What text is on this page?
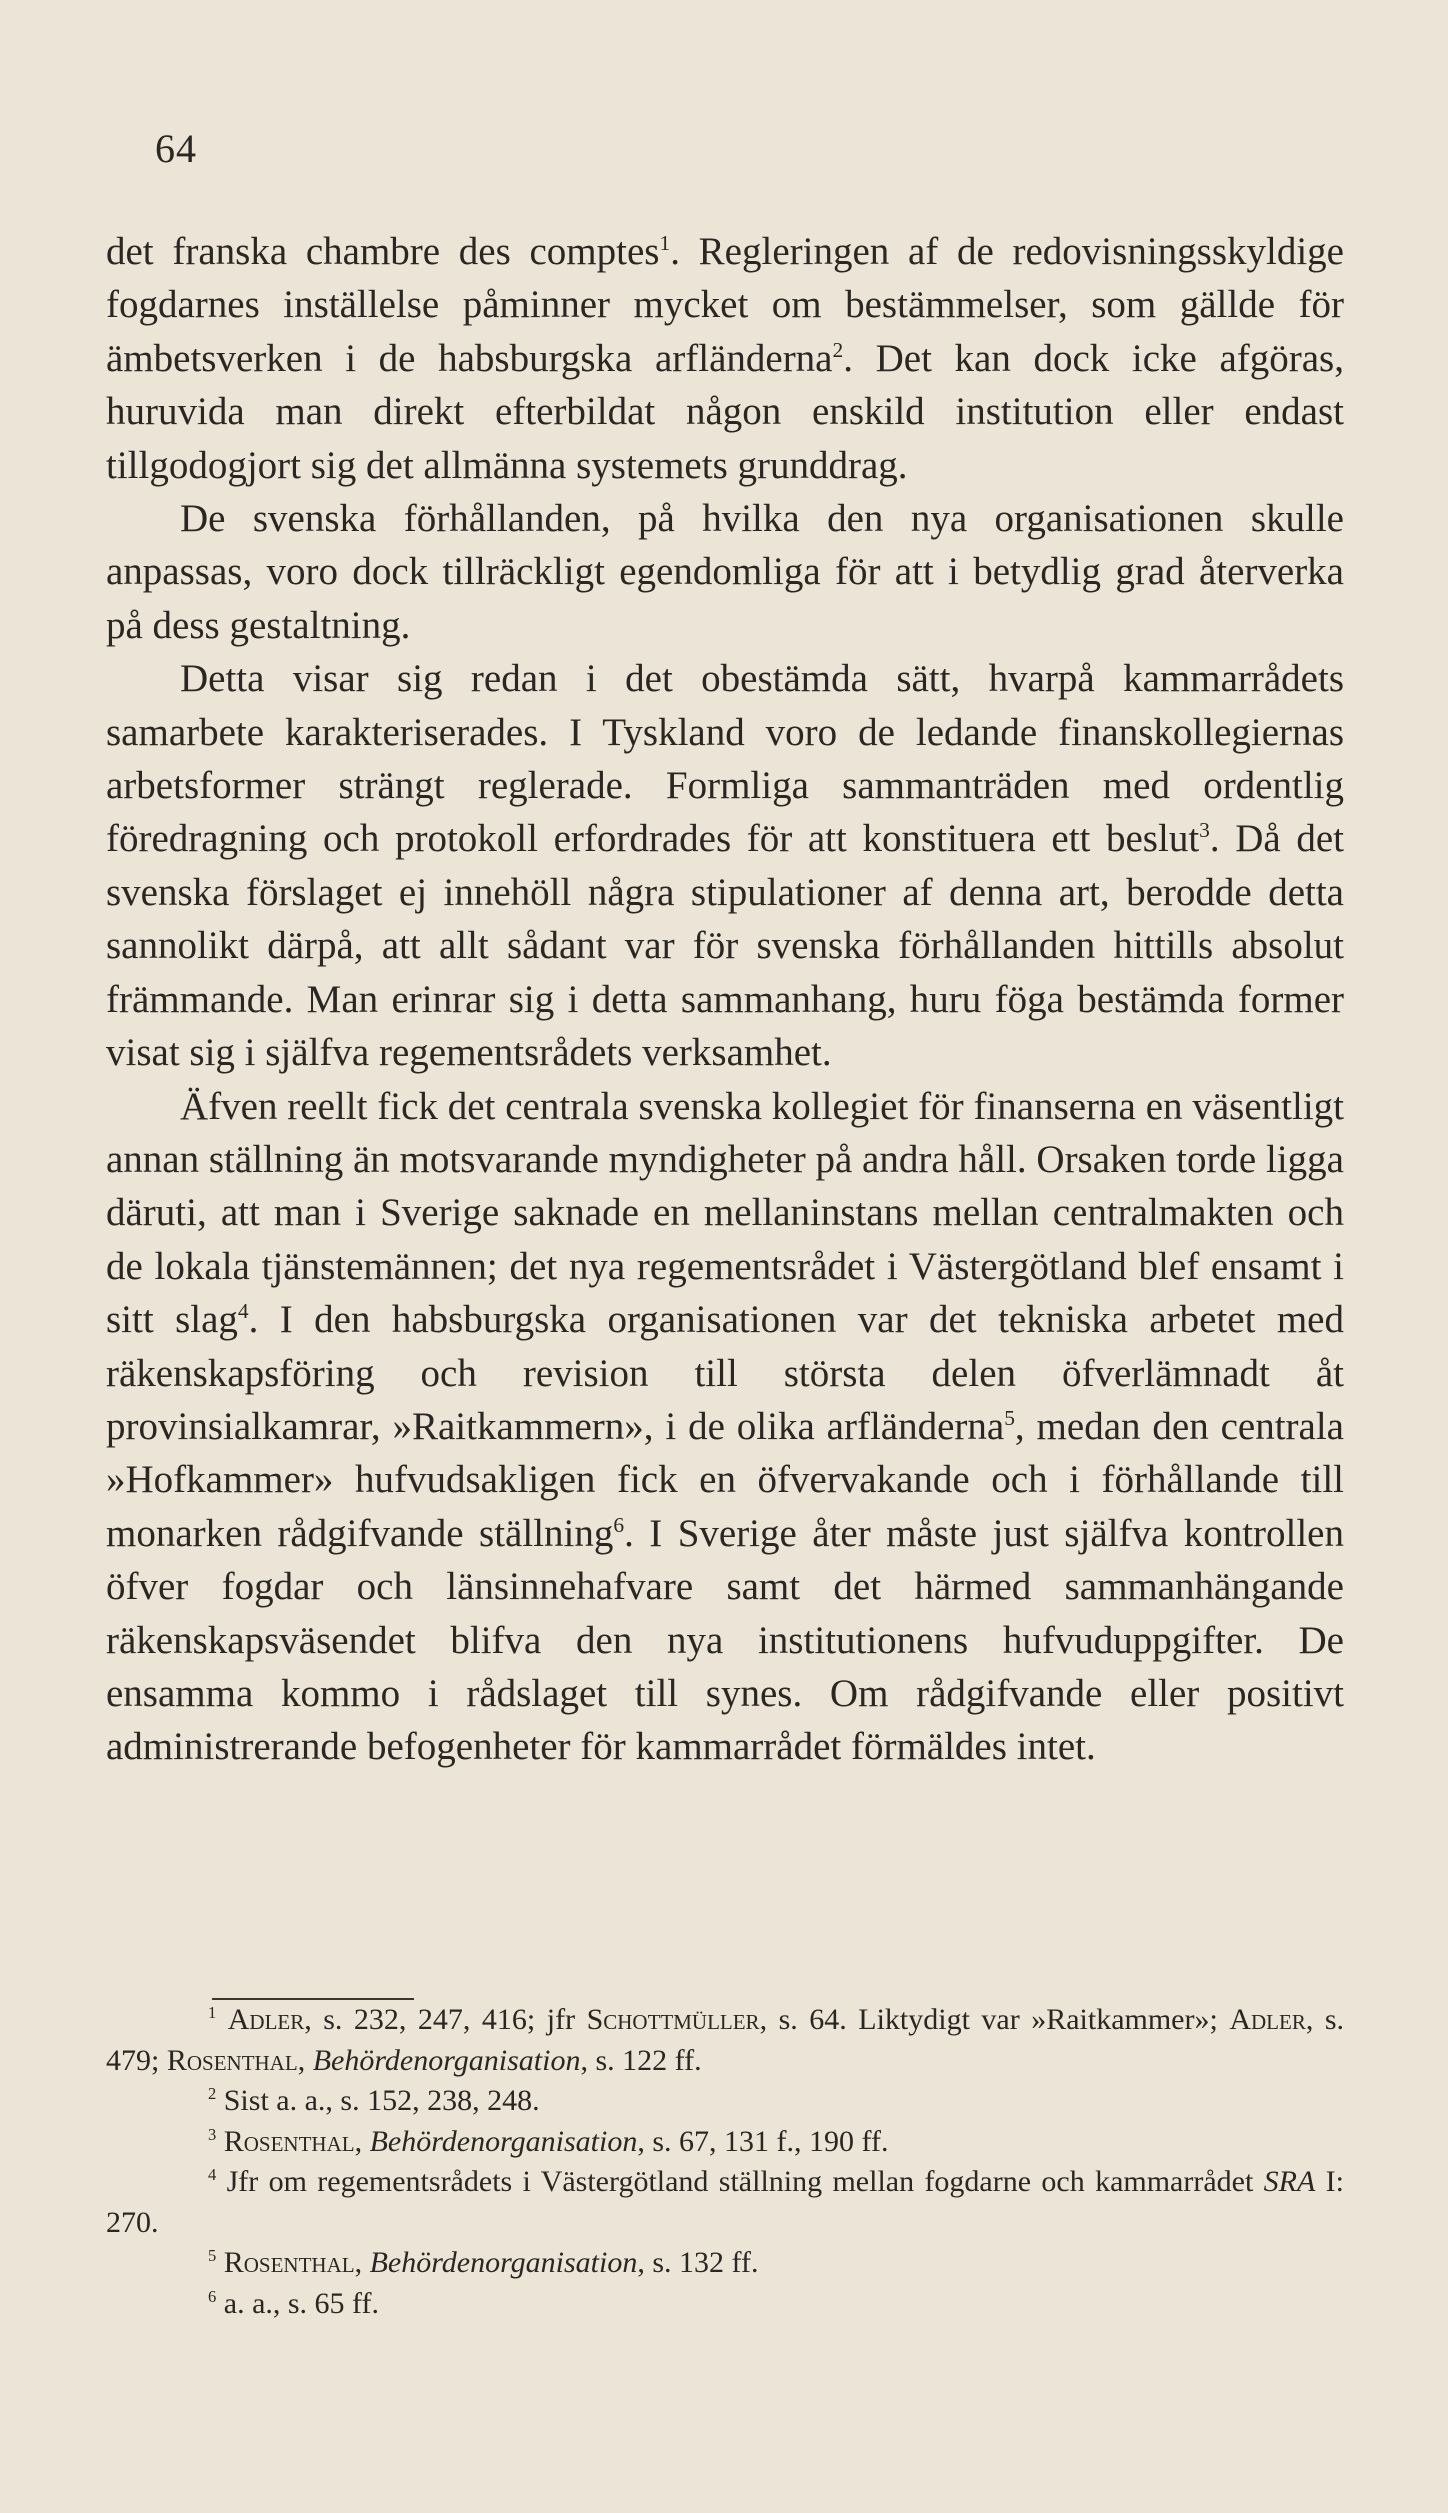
64

det franska chambre des comptes$^1$. Regleringen af de redovisningsskyldige fogdarnes inställelse påminner mycket om bestämmelser, som gällde för ämbetsverken i de habsburgska arfländerna$^2$. Det kan dock icke afgöras, huruvida man direkt efterbildat någon enskild institution eller endast tillgodogjort sig det allmänna systemets grunddrag.

De svenska förhållanden, på hvilka den nya organisationen skulle anpassas, voro dock tillräckligt egendomliga för att i betydlig grad återverka på dess gestaltning.

Detta visar sig redan i det obestämda sätt, hvarpå kammarrådets samarbete karakteriserades. I Tyskland voro de ledande finanskollegiernas arbetsformer strängt reglerade. Formliga sammanträden med ordentlig föredragning och protokoll erfordrades för att konstituera ett beslut$^3$. Då det svenska förslaget ej innehöll några stipulationer af denna art, berodde detta sannolikt därpå, att allt sådant var för svenska förhållanden hittills absolut främmande. Man erinrar sig i detta sammanhang, huru föga bestämda former visat sig i själfva regementsrådets verksamhet.

Äfven reellt fick det centrala svenska kollegiet för finanserna en väsentligt annan ställning än motsvarande myndigheter på andra håll. Orsaken torde ligga däruti, att man i Sverige saknade en mellaninstans mellan centralmakten och de lokala tjänstemännen; det nya regementsrådet i Västergötland blef ensamt i sitt slag$^4$. I den habsburgska organisationen var det tekniska arbetet med räkenskapsföring och revision till största delen öfverlämnadt åt provinsialkamrar, »Raitkammern», i de olika arfländerna$^5$, medan den centrala »Hofkammer» hufvudsakligen fick en öfvervakande och i förhållande till monarken rådgifvande ställning$^6$. I Sverige åter måste just själfva kontrollen öfver fogdar och länsinnehafvare samt det härmed sammanhängande räkenskapsväsendet blifva den nya institutionens hufvuduppgifter. De ensamma kommo i rådslaget till synes. Om rådgifvande eller positivt administrerande befogenheter för kammarrådet förmäldes intet.

$^1$ Adler, s. 232, 247, 416; jfr Schottmüller, s. 64. Liktydigt var »Raitkammer»; Adler, s. 479; Rosenthal, Behördenorganisation, s. 122 ff.

$^2$ Sist a. a., s. 152, 238, 248.

$^3$ Rosenthal, Behördenorganisation, s. 67, 131 f., 190 ff.

$^4$ Jfr om regementsrådets i Västergötland ställning mellan fogdarne och kammarrådet SRA I: 270.

$^5$ Rosenthal, Behördenorganisation, s. 132 ff.

$^6$ a. a., s. 65 ff.
